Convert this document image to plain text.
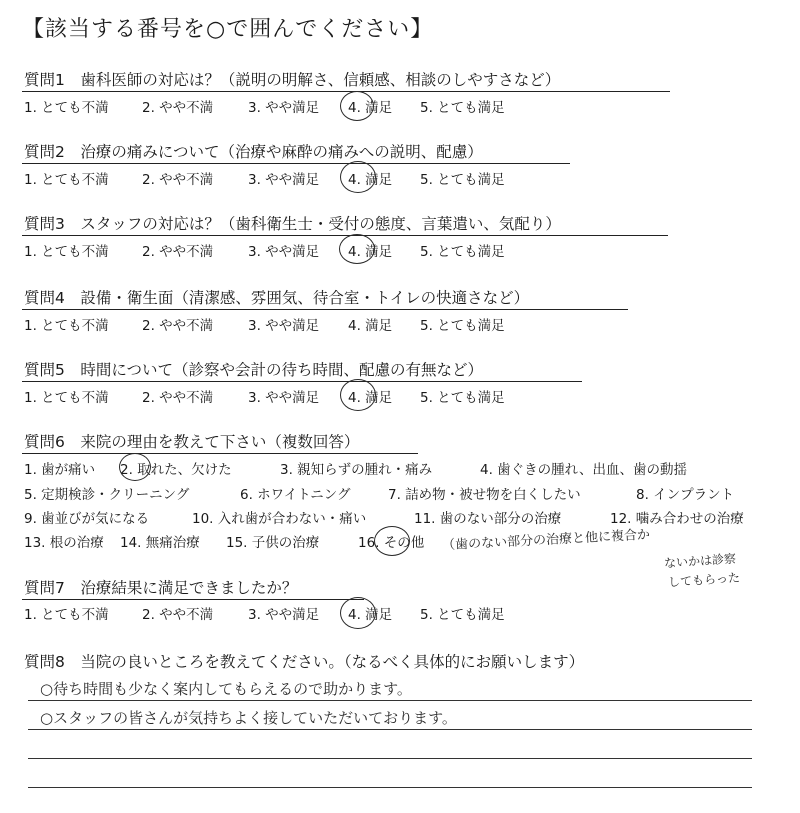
【該当する番号を○で囲んでください】
質問1　歯科医師の対応は？（説明の明解さ、信頼感、相談のしやすさなど）
1. とても不満 2. やや不満	3. やや満足 4. 満足 5. とても満足
質問2　治療の痛みについて（治療や麻酔の痛みへの説明、配慮）
1. とても不満 2. やや不満	3. やや満足 4. 満足 5. とても満足
質問3　スタッフの対応は？（歯科衛生士・受付の態度、言葉遣い、気配り）
1. とても不満 2. やや不満	3. やや満足 4. 満足 5. とても満足
質問4　設備・衛生面（清潔感、雰囲気、待合室・トイレの快適さなど）
1. とても不満 2. やや不満	3. やや満足 4. 満足 5. とても満足
質問5　時間について（診察や会計の待ち時間、配慮の有無など）
1. とても不満 2. やや不満	3. やや満足 4. 満足 5. とても満足
質問6　来院の理由を教えて下さい（複数回答）
1. 歯が痛い 2. 取れた、欠けた	3. 親知らずの腫れ・痛み	4. 歯ぐきの腫れ、出血、歯の動揺
5. 定期検診・クリーニング	6. ホワイトニング	7. 詰め物・被せ物を白くしたい	8. インプラント
9. 歯並びが気になる	10. 入れ歯が合わない・痛い	11. 歯のない部分の治療	12. 噛み合わせの治療
13. 根の治療 14. 無痛治療 15. 子供の治療	16. その他 （歯のない部分の治療と他に複合か
ないかは診察
してもらった
質問7　治療結果に満足できましたか？
1. とても不満 2. やや不満	3. やや満足 4. 満足 5. とても満足
質問8　当院の良いところを教えてください。（なるべく具体的にお願いします）
○待ち時間も少なく案内してもらえるので助かります。
○スタッフの皆さんが気持ちよく接していただいております。
